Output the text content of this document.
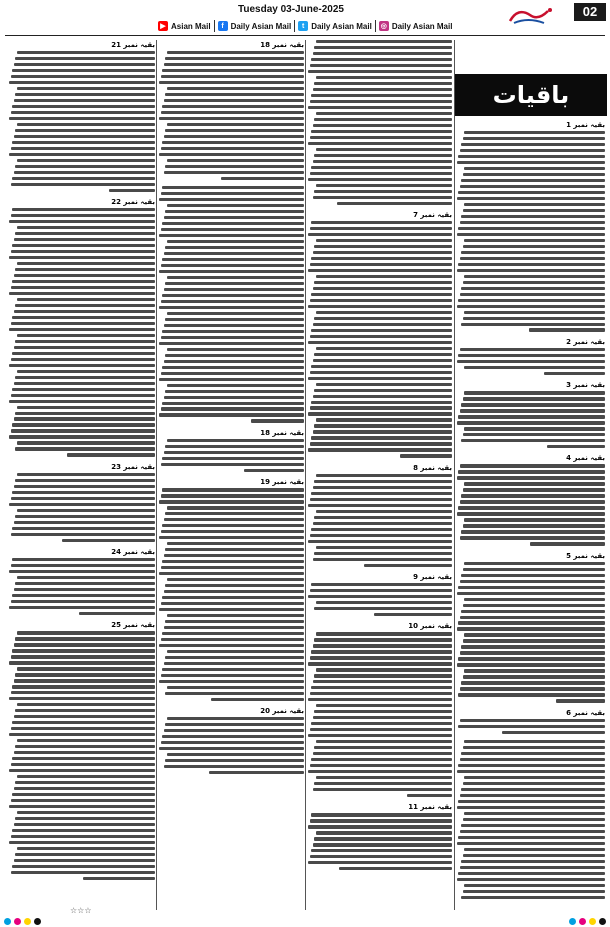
▶ Asian Mail	f Daily Asian Mail	t Daily Asian Mail ◎ Daily Asian Mail
Tuesday 03-June-2025	02
باقیات
بقیہ نمبر 1
بقیہ نمبر 2
بقیہ نمبر 3
بقیہ نمبر 4
بقیہ نمبر 5
بقیہ نمبر 6
بقیہ نمبر 7
بقیہ نمبر 8
بقیہ نمبر 9
بقیہ نمبر 10
بقیہ نمبر 11
بقیہ نمبر 18
بقیہ نمبر 18
بقیہ نمبر 19
بقیہ نمبر 20
بقیہ نمبر 21
بقیہ نمبر 22
بقیہ نمبر 23
بقیہ نمبر 24
بقیہ نمبر 25
☆☆☆
